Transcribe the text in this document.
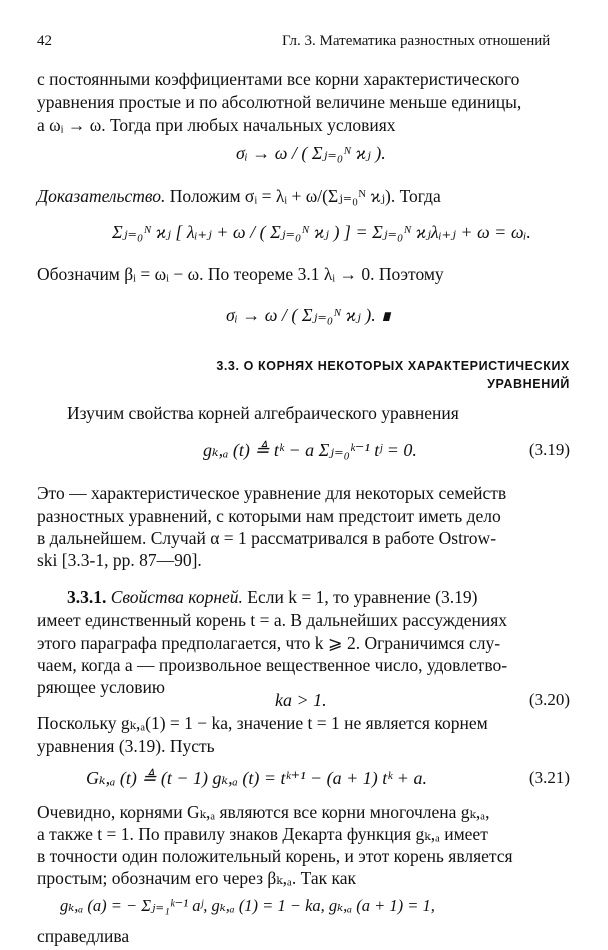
42	Гл. 3. Математика разностных отношений
с постоянными коэффициентами все корни характеристического
уравнения простые и по абсолютной величине меньше единицы,
а ωᵢ → ω. Тогда при любых начальных условиях
σᵢ → ω / ( Σⱼ₌₀ᴺ ϰⱼ ).
Доказательство. Положим σᵢ = λᵢ + ω/(Σⱼ₌₀ᴺ ϰⱼ). Тогда
Σⱼ₌₀ᴺ ϰⱼ [ λᵢ₊ⱼ + ω / ( Σⱼ₌₀ᴺ ϰⱼ ) ] = Σⱼ₌₀ᴺ ϰⱼλᵢ₊ⱼ + ω = ωᵢ.
Обозначим βᵢ = ωᵢ − ω. По теореме 3.1 λᵢ → 0. Поэтому
σᵢ → ω / ( Σⱼ₌₀ᴺ ϰⱼ ). ∎
3.3. О КОРНЯХ НЕКОТОРЫХ ХАРАКТЕРИСТИЧЕСКИХ
УРАВНЕНИЙ
Изучим свойства корней алгебраического уравнения
gₖ,ₐ (t) ≜ tᵏ − a Σⱼ₌₀ᵏ⁻¹ tʲ = 0.	(3.19)
Это — характеристическое уравнение для некоторых семейств
разностных уравнений, с которыми нам предстоит иметь дело
в дальнейшем. Случай α = 1 рассматривался в работе Ostrow-
ski [3.3-1, pp. 87—90].
3.3.1. Свойства корней. Если k = 1, то уравнение (3.19)
имеет единственный корень t = a. В дальнейших рассуждениях
этого параграфа предполагается, что k ⩾ 2. Ограничимся слу-
чаем, когда a — произвольное вещественное число, удовлетво-
ряющее условию
ka > 1.	(3.20)
Поскольку gₖ,ₐ(1) = 1 − ka, значение t = 1 не является корнем
уравнения (3.19). Пусть
Gₖ,ₐ (t) ≜ (t − 1) gₖ,ₐ (t) = tᵏ⁺¹ − (a + 1) tᵏ + a.	(3.21)
Очевидно, корнями Gₖ,ₐ являются все корни многочлена gₖ,ₐ,
а также t = 1. По правилу знаков Декарта функция gₖ,ₐ имеет
в точности один положительный корень, и этот корень является
простым; обозначим его через βₖ,ₐ. Так как
gₖ,ₐ (a) = − Σⱼ₌₁ᵏ⁻¹ aʲ, gₖ,ₐ (1) = 1 − ka, gₖ,ₐ (a + 1) = 1,
справедлива
